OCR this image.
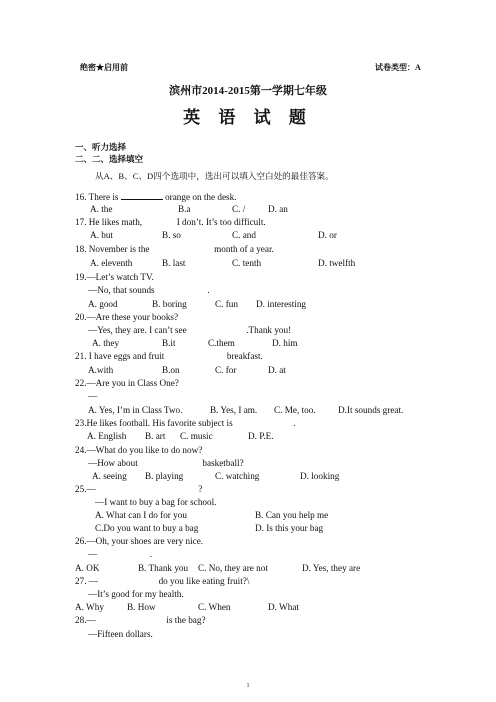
绝密★启用前	试卷类型：A
滨州市2014-2015第一学期七年级
英 语 试 题
一、听力选择
二、二、选择填空
从A、B、C、D四个选项中，选出可以填入空白处的最佳答案。
16. There is	orange on the desk.
A. the	B.a	C. / D. an
17. He likes math,	I don’t. It’s too difficult.
A. but	B. so	C. and	D. or
18. November is the	month of a year.
A. eleventh	B. last	C. tenth	D. twelfth
19.—Let’s watch TV.
—No, that sounds	.
A. good	B. boring	C. fun D. interesting
20.—Are these your books?
—Yes, they are. I can’t see	.Thank you!
A. they	B.it	C.them	D. him
21. I have eggs and fruit	breakfast.
A.with	B.on	C. for	D. at
22.—Are you in Class One?
—
A. Yes, I’m in Class Two.	B. Yes, I am. C. Me, too. D.It sounds great.
23.He likes football. His favorite subject is	.
A. English B. art C. music	D. P.E.
24.—What do you like to do now?
—How about	basketball?
A. seeing B. playing	C. watching	D. looking
25.—	?
—I want to buy a bag for school.
A. What can I do for you	B. Can you help me
C.Do you want to buy a bag	D. Is this your bag
26.—Oh, your shoes are very nice.
—	.
A. OK	B. Thank you C. No, they are not	D. Yes, they are
27. —	do you like eating fruit?\
—It’s good for my health.
A. Why	B. How	C. When	D. What
28.—	is the bag?
—Fifteen dollars.
1
